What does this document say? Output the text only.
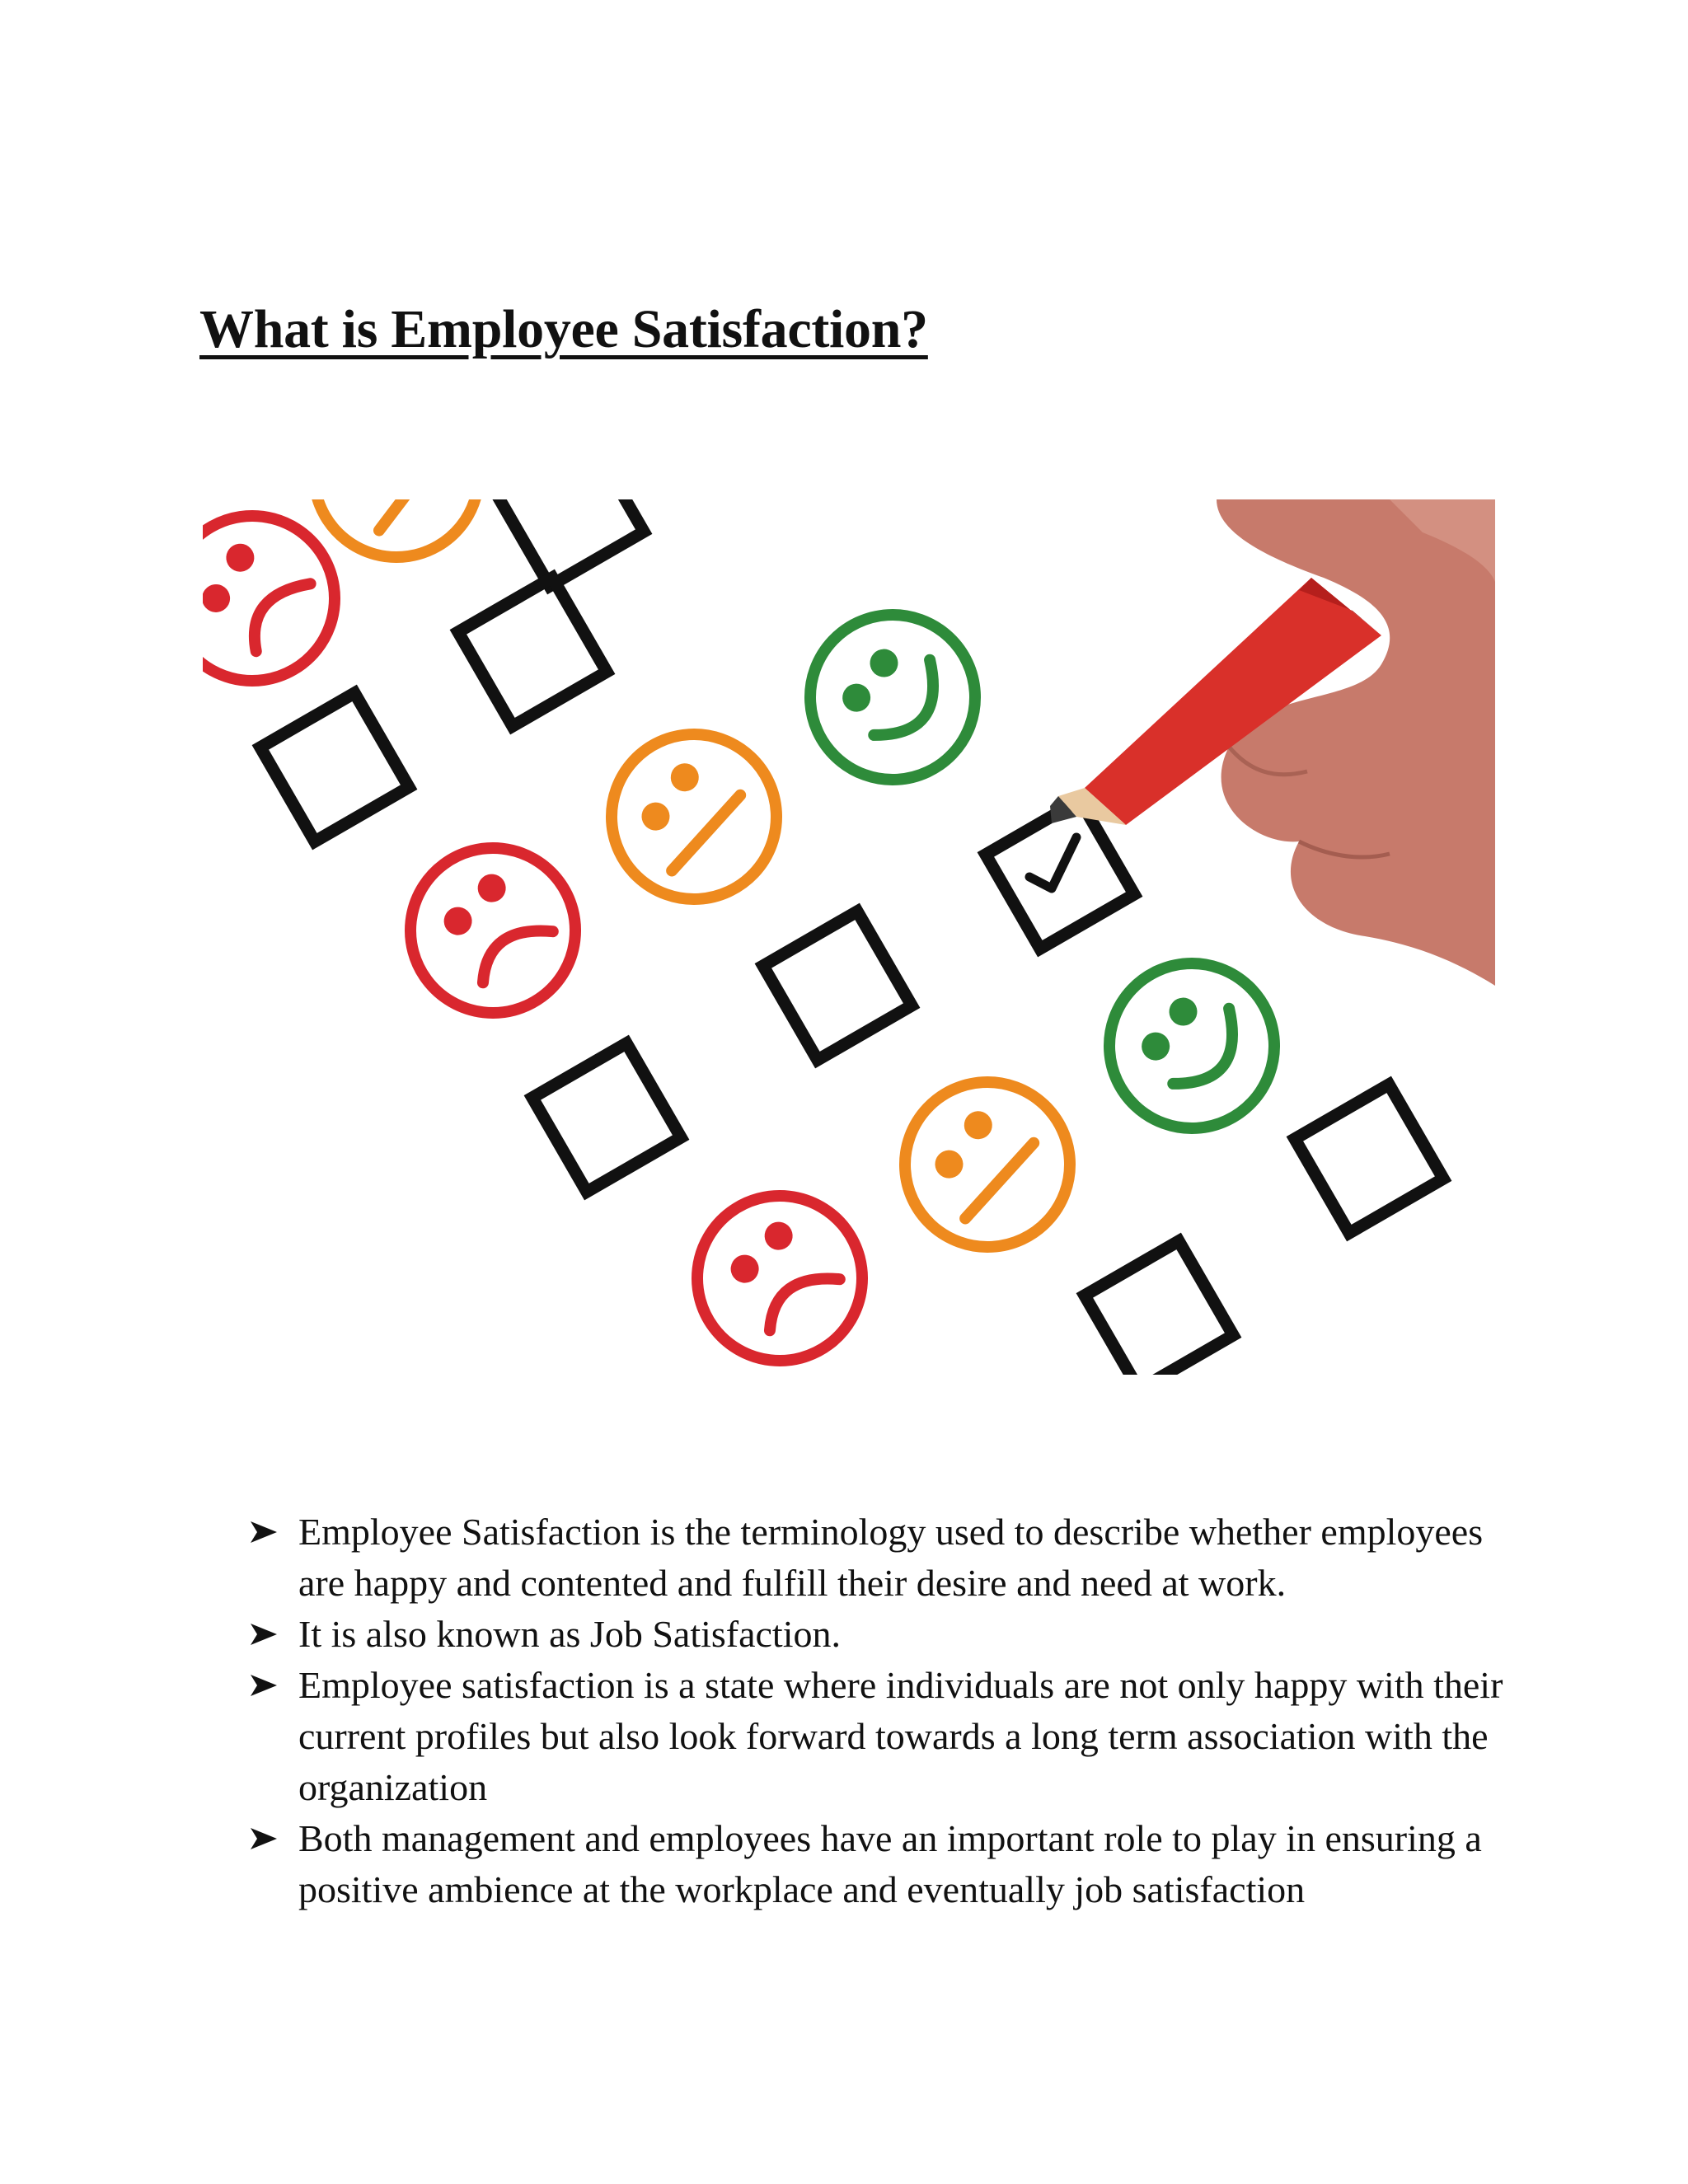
What is Employee Satisfaction?
Employee Satisfaction is the terminology used to describe whether employees are happy and contented and fulfill their desire and need at work.
It is also known as Job Satisfaction.
Employee satisfaction is a state where individuals are not only happy with their current profiles but also look forward towards a long term association with the organization
Both management and employees have an important role to play in ensuring a positive ambience at the workplace and eventually job satisfaction
